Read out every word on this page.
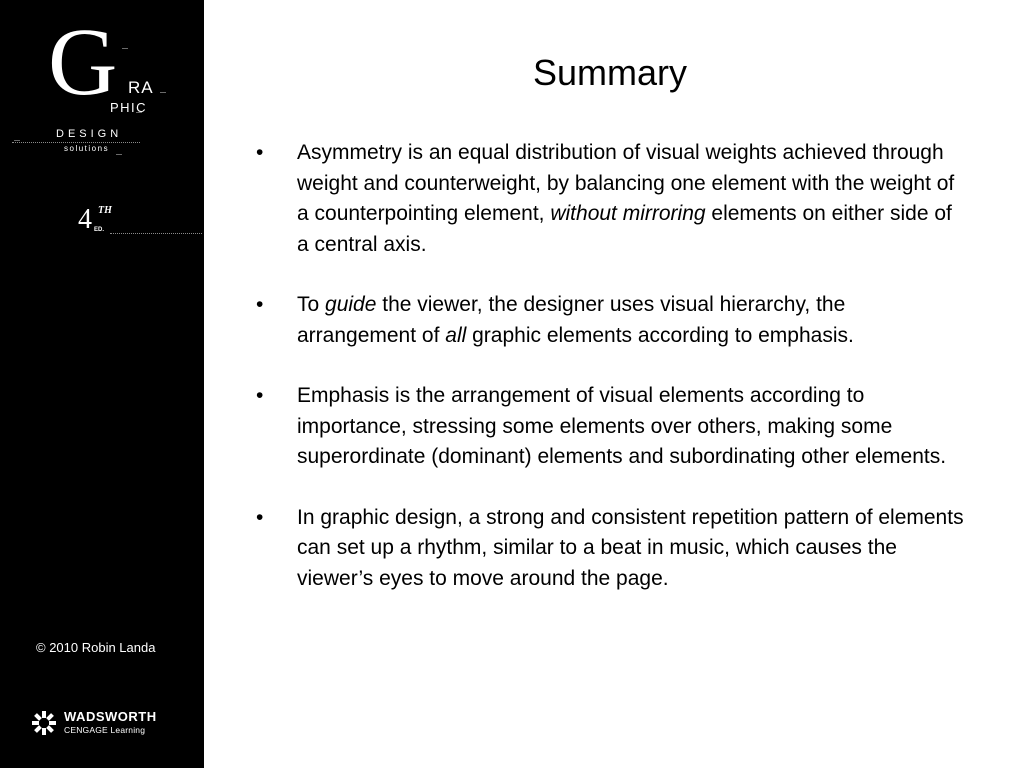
G RA
PHIC
DESIGN
solutions
4 TH
ED.
© 2010 Robin Landa
WADSWORTH
CENGAGE Learning
Summary
• Asymmetry is an equal distribution of visual weights achieved through weight and counterweight, by balancing one element with the weight of a counterpointing element, without mirroring elements on either side of a central axis.
• To guide the viewer, the designer uses visual hierarchy, the arrangement of all graphic elements according to emphasis.
• Emphasis is the arrangement of visual elements according to importance, stressing some elements over others, making some superordinate (dominant) elements and subordinating other elements.
• In graphic design, a strong and consistent repetition pattern of elements can set up a rhythm, similar to a beat in music, which causes the viewer’s eyes to move around the page.
